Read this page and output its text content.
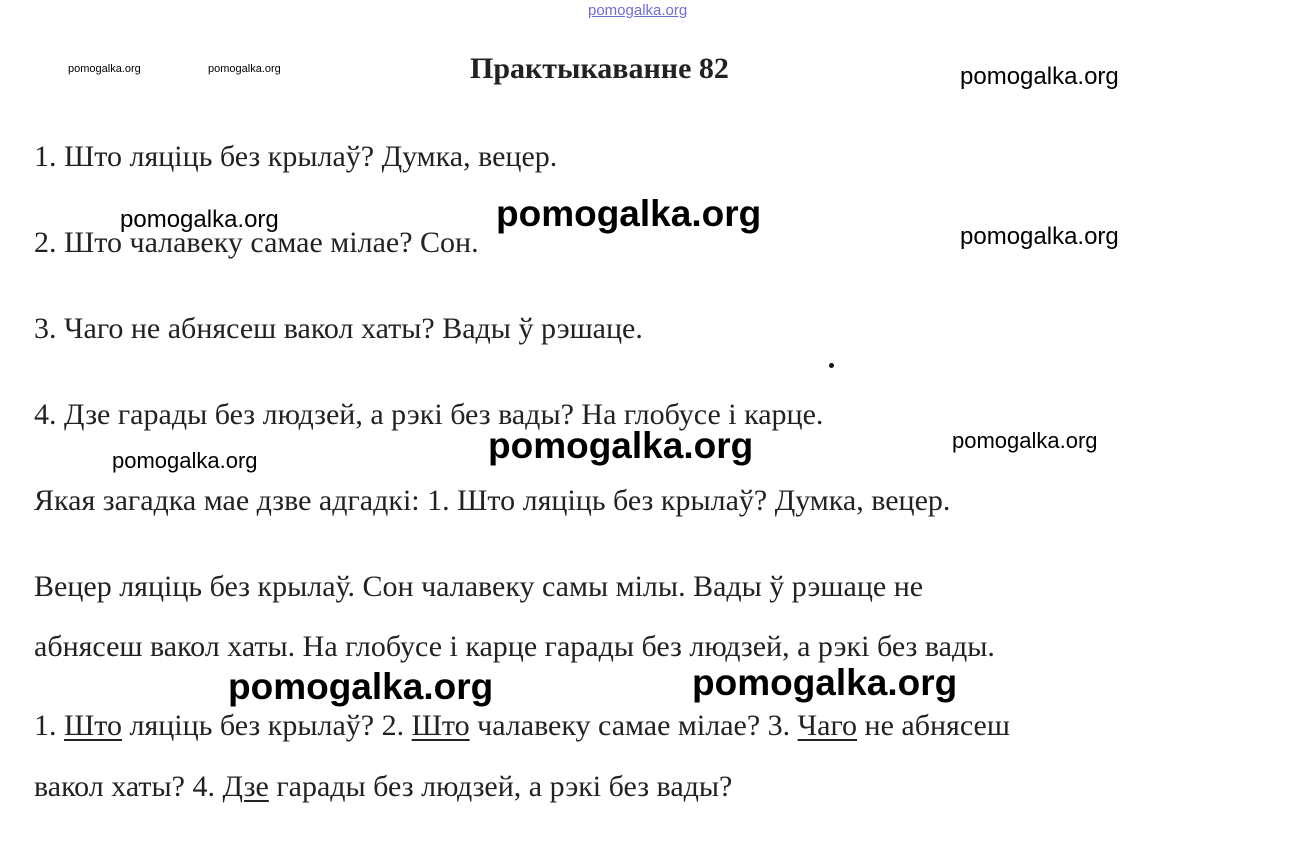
pomogalka.org
pomogalka.org	pomogalka.org	Практыкаванне 82	pomogalka.org
1. Што ляціць без крылаў? Думка, вецер.
2. Што чалавеку самае мілае? Сон.
pomogalka.org	pomogalka.org
pomogalka.org
3. Чаго не абнясеш вакол хаты? Вады ў рэшаце.
4. Дзе гарады без людзей, а рэкі без вады? На глобусе і карце.
pomogalka.org	pomogalka.org
pomogalka.org
Якая загадка мае дзве адгадкі: 1. Што ляціць без крылаў? Думка, вецер.
Вецер ляціць без крылаў. Сон чалавеку самы мілы. Вады ў рэшаце не
абнясеш вакол хаты. На глобусе і карце гарады без людзей, а рэкі без вады.
pomogalka.org	pomogalka.org
1. Што ляціць без крылаў? 2. Што чалавеку самае мілае? 3. Чаго не абнясеш
вакол хаты? 4. Дзе гарады без людзей, а рэкі без вады?
